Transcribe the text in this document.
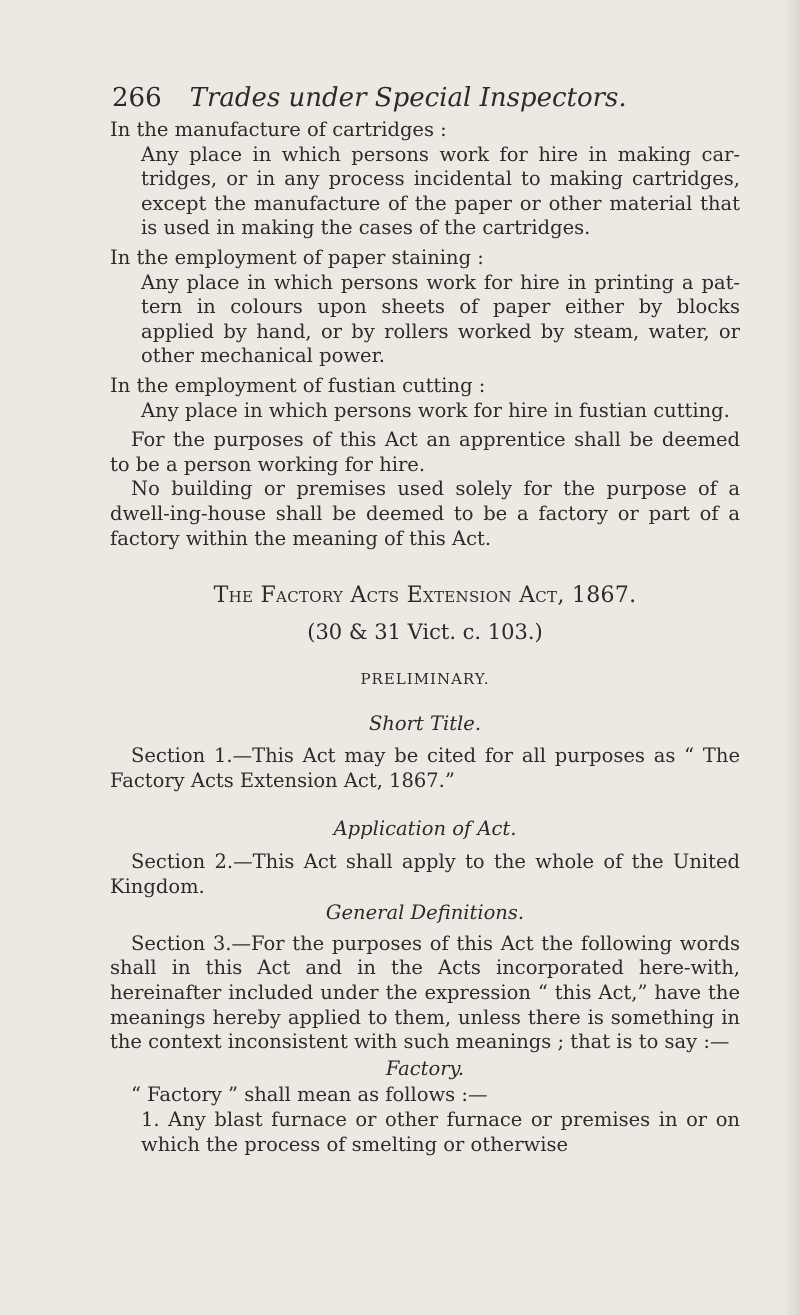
266 Trades under Special Inspectors.

In the manufacture of cartridges :

Any place in which persons work for hire in making car-tridges, or in any process incidental to making cartridges, except the manufacture of the paper or other material that is used in making the cases of the cartridges.

In the employment of paper staining :

Any place in which persons work for hire in printing a pat-tern in colours upon sheets of paper either by blocks applied by hand, or by rollers worked by steam, water, or other mechanical power.

In the employment of fustian cutting :

Any place in which persons work for hire in fustian cutting.

For the purposes of this Act an apprentice shall be deemed to be a person working for hire.

No building or premises used solely for the purpose of a dwell-ing-house shall be deemed to be a factory or part of a factory within the meaning of this Act.

The Factory Acts Extension Act, 1867.

(30 & 31 Vict. c. 103.)

PRELIMINARY.

Short Title.

Section 1.—This Act may be cited for all purposes as “ The Factory Acts Extension Act, 1867.”

Application of Act.

Section 2.—This Act shall apply to the whole of the United Kingdom.

General Definitions.

Section 3.—For the purposes of this Act the following words shall in this Act and in the Acts incorporated here-with, hereinafter included under the expression “ this Act,” have the meanings hereby applied to them, unless there is something in the context inconsistent with such meanings ; that is to say :—

Factory.

“ Factory ” shall mean as follows :—

1. Any blast furnace or other furnace or premises in or on which the process of smelting or otherwise
